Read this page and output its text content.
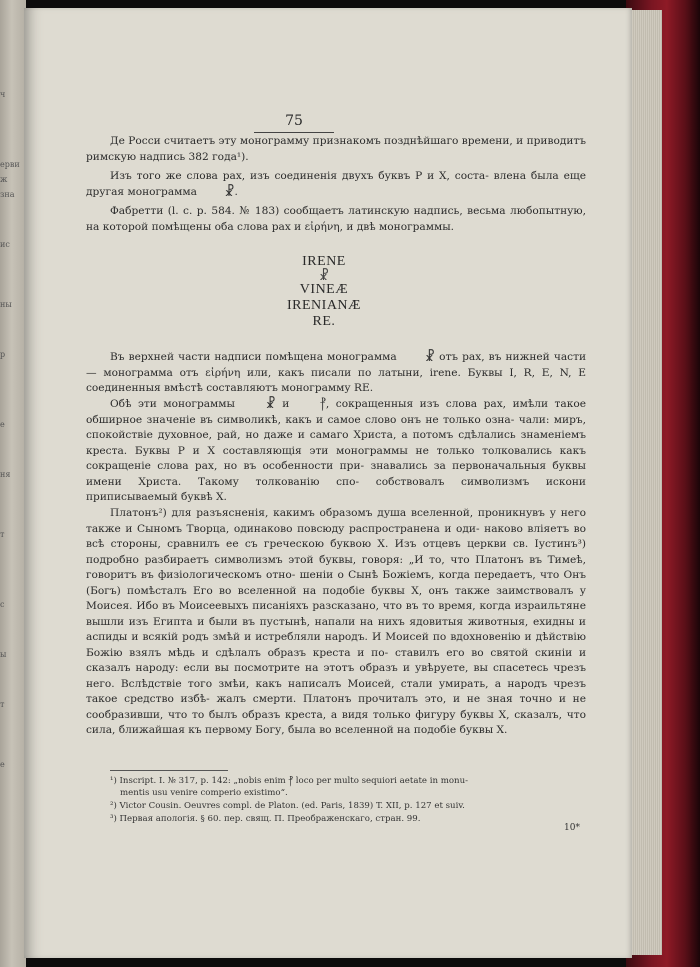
ч
ерви
ж
зна
ис
ны
р
е
ня
т
с
ы
т
е
75

Де Росси считаетъ эту монограмму признакомъ позднѣйшаго времени, и приводитъ римскую надпись 382 года¹).

Изъ того же слова pax, изъ соединенія двухъ буквъ P и X, соста- влена была еще другая монограмма ☧.

Фабретти (l. c. p. 584. № 183) сообщаетъ латинскую надпись, весьма любопытную, на которой помѣщены оба слова pax и εἰρήνη, и двѣ монограммы.

IRENE
☧
VINEÆ
IRENIANÆ
RE.

Въ верхней части надписи помѣщена монограмма ☧ отъ pax, въ нижней части — монограмма отъ εἰρήνη или, какъ писали по латыни, irene. Буквы I, R, E, N, E соединенныя вмѣстѣ составляютъ монограмму RE.

Обѣ эти монограммы ☧ и ⳨, сокращенныя изъ слова pax, имѣли такое обширное значеніе въ символикѣ, какъ и самое слово онъ не только озна- чали: миръ, спокойствіе духовное, рай, но даже и самаго Христа, а потомъ сдѣлались знаменіемъ креста. Буквы P и X составляющія эти монограммы не только толковались какъ сокращеніе слова pax, но въ особенности при- знавались за первоначальныя буквы имени Христа. Такому толкованію спо- собствовалъ символизмъ искони приписываемый буквѣ X.

Платонъ²) для разъясненія, какимъ образомъ душа вселенной, проникнувъ у него также и Сыномъ Творца, одинаково повсюду распространена и оди- наково вліяетъ во всѣ стороны, сравнилъ ее съ греческою буквою X. Изъ отцевъ церкви св. Іустинъ³) подробно разбираетъ символизмъ этой буквы, говоря: „И то, что Платонъ въ Тимеѣ, говоритъ въ физіологическомъ отно- шеніи о Сынѣ Божіемъ, когда передаетъ, что Онъ (Богъ) помѣсталъ Его во вселенной на подобіе буквы X, онъ также заимствовалъ у Моисея. Ибо въ Моисеевыхъ писаніяхъ разсказано, что въ то время, когда израильтяне вышли изъ Египта и были въ пустынѣ, напали на нихъ ядовитыя животныя, ехидны и аспиды и всякій родъ змѣй и истребляли народъ. И Моисей по вдохновенію и дѣйствію Божію взялъ мѣдь и сдѣлалъ образъ креста и по- ставилъ его во святой скиніи и сказалъ народу: если вы посмотрите на этотъ образъ и увѣруете, вы спасетесь чрезъ него. Вслѣдствіе того змѣи, какъ написалъ Моисей, стали умирать, а народъ чрезъ такое средство избѣ- жалъ смерти. Платонъ прочиталъ это, и не зная точно и не сообразивши, что то былъ образъ креста, а видя только фигуру буквы X, сказалъ, что сила, ближайшая къ первому Богу, была во вселенной на подобіе буквы X.

¹) Inscript. I. № 317, p. 142: „nobis enim ⳨ loco per multo sequiori aetate in monu-
mentis usu venire comperio existimo“.

²) Victor Cousin. Oeuvres compl. de Platon. (ed. Paris, 1839) T. XII, p. 127 et suiv.

³) Первая апологія. § 60. пер. свящ. П. Преображенскаго, стран. 99.

10*
